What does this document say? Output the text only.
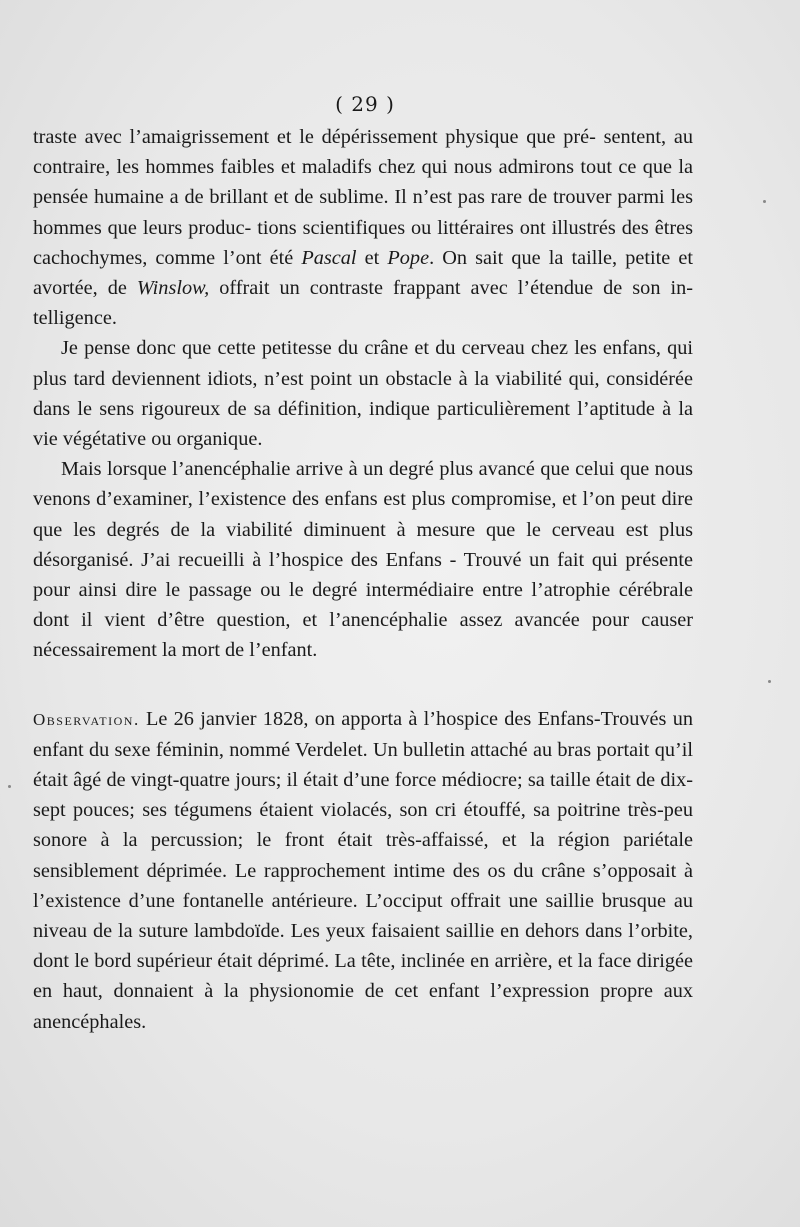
( 29 )

traste avec l’amaigrissement et le dépérissement physique que pré- sentent, au contraire, les hommes faibles et maladifs chez qui nous admirons tout ce que la pensée humaine a de brillant et de sublime. Il n’est pas rare de trouver parmi les hommes que leurs produc- tions scientifiques ou littéraires ont illustrés des êtres cachochymes, comme l’ont été Pascal et Pope. On sait que la taille, petite et avortée, de Winslow, offrait un contraste frappant avec l’étendue de son in- telligence.

Je pense donc que cette petitesse du crâne et du cerveau chez les enfans, qui plus tard deviennent idiots, n’est point un obstacle à la viabilité qui, considérée dans le sens rigoureux de sa définition, indique particulièrement l’aptitude à la vie végétative ou organique.

Mais lorsque l’anencéphalie arrive à un degré plus avancé que celui que nous venons d’examiner, l’existence des enfans est plus compromise, et l’on peut dire que les degrés de la viabilité diminuent à mesure que le cerveau est plus désorganisé. J’ai recueilli à l’hospice des Enfans - Trouvé un fait qui présente pour ainsi dire le passage ou le degré intermédiaire entre l’atrophie cérébrale dont il vient d’être question, et l’anencéphalie assez avancée pour causer nécessairement la mort de l’enfant.

Observation. Le 26 janvier 1828, on apporta à l’hospice des Enfans-Trouvés un enfant du sexe féminin, nommé Verdelet. Un bulletin attaché au bras portait qu’il était âgé de vingt-quatre jours; il était d’une force médiocre; sa taille était de dix-sept pouces; ses tégumens étaient violacés, son cri étouffé, sa poitrine très-peu sonore à la percussion; le front était très-affaissé, et la région pariétale sensiblement déprimée. Le rapprochement intime des os du crâne s’opposait à l’existence d’une fontanelle antérieure. L’occiput offrait une saillie brusque au niveau de la suture lambdoïde. Les yeux faisaient saillie en dehors dans l’orbite, dont le bord supérieur était déprimé. La tête, inclinée en arrière, et la face dirigée en haut, donnaient à la physionomie de cet enfant l’expression propre aux anencéphales.
